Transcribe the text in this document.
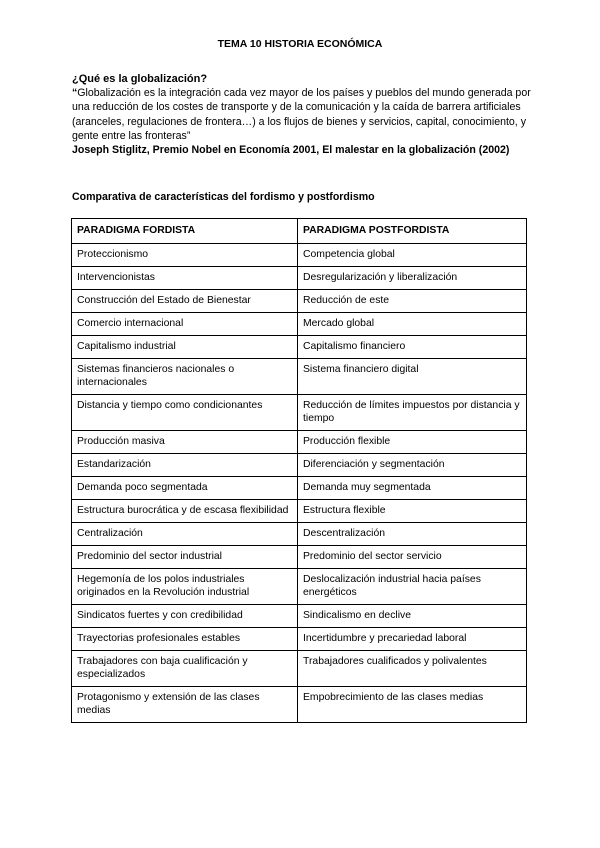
TEMA 10 HISTORIA ECONÓMICA
¿Qué es la globalización?
“Globalización es la integración cada vez mayor de los países y pueblos del mundo generada por una reducción de los costes de transporte y de la comunicación y la caída de barrera artificiales (aranceles, regulaciones de frontera…) a los flujos de bienes y servicios, capital, conocimiento, y gente entre las fronteras”
Joseph Stiglitz, Premio Nobel en Economía 2001, El malestar en la globalización (2002)
Comparativa de características del fordismo y postfordismo
PARADIGMA FORDISTA	PARADIGMA POSTFORDISTA
Proteccionismo	Competencia global
Intervencionistas	Desregularización y liberalización
Construcción del Estado de Bienestar	Reducción de este
Comercio internacional	Mercado global
Capitalismo industrial	Capitalismo financiero
Sistemas financieros nacionales o internacionales	Sistema financiero digital
Distancia y tiempo como condicionantes	Reducción de límites impuestos por distancia y tiempo
Producción masiva	Producción flexible
Estandarización	Diferenciación y segmentación
Demanda poco segmentada	Demanda muy segmentada
Estructura burocrática y de escasa flexibilidad	Estructura flexible
Centralización	Descentralización
Predominio del sector industrial	Predominio del sector servicio
Hegemonía de los polos industriales originados en la Revolución industrial	Deslocalización industrial hacia países energéticos
Sindicatos fuertes y con credibilidad	Sindicalismo en declive
Trayectorias profesionales estables	Incertidumbre y precariedad laboral
Trabajadores con baja cualificación y especializados	Trabajadores cualificados y polivalentes
Protagonismo y extensión de las clases medias	Empobrecimiento de las clases medias
